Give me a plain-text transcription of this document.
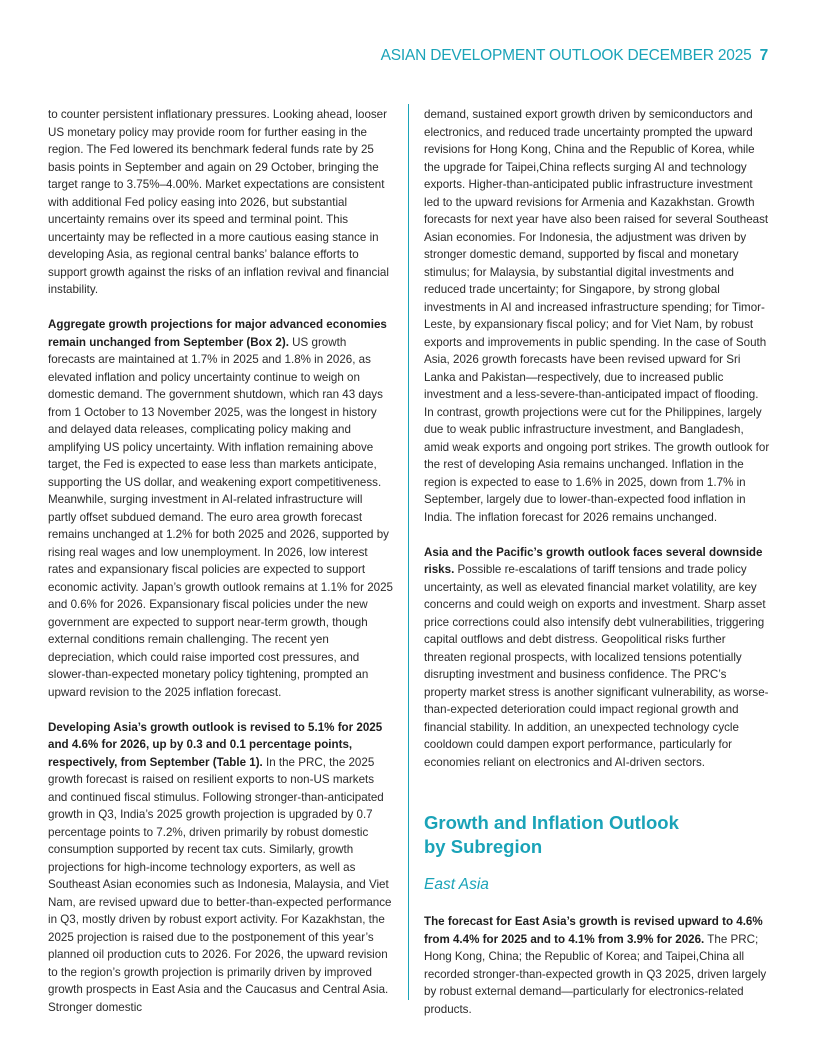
ASIAN DEVELOPMENT OUTLOOK DECEMBER 2025 7

to counter persistent inflationary pressures. Looking ahead, looser US monetary policy may provide room for further easing in the region. The Fed lowered its benchmark federal funds rate by 25 basis points in September and again on 29 October, bringing the target range to 3.75%–4.00%. Market expectations are consistent with additional Fed policy easing into 2026, but substantial uncertainty remains over its speed and terminal point. This uncertainty may be reflected in a more cautious easing stance in developing Asia, as regional central banks’ balance efforts to support growth against the risks of an inflation revival and financial instability.

Aggregate growth projections for major advanced economies remain unchanged from September (Box 2). US growth forecasts are maintained at 1.7% in 2025 and 1.8% in 2026, as elevated inflation and policy uncertainty continue to weigh on domestic demand. The government shutdown, which ran 43 days from 1 October to 13 November 2025, was the longest in history and delayed data releases, complicating policy making and amplifying US policy uncertainty. With inflation remaining above target, the Fed is expected to ease less than markets anticipate, supporting the US dollar, and weakening export competitiveness. Meanwhile, surging investment in AI-related infrastructure will partly offset subdued demand. The euro area growth forecast remains unchanged at 1.2% for both 2025 and 2026, supported by rising real wages and low unemployment. In 2026, low interest rates and expansionary fiscal policies are expected to support economic activity. Japan’s growth outlook remains at 1.1% for 2025 and 0.6% for 2026. Expansionary fiscal policies under the new government are expected to support near-term growth, though external conditions remain challenging. The recent yen depreciation, which could raise imported cost pressures, and slower-than-expected monetary policy tightening, prompted an upward revision to the 2025 inflation forecast.

Developing Asia’s growth outlook is revised to 5.1% for 2025 and 4.6% for 2026, up by 0.3 and 0.1 percentage points, respectively, from September (Table 1). In the PRC, the 2025 growth forecast is raised on resilient exports to non-US markets and continued fiscal stimulus. Following stronger-than-anticipated growth in Q3, India’s 2025 growth projection is upgraded by 0.7 percentage points to 7.2%, driven primarily by robust domestic consumption supported by recent tax cuts. Similarly, growth projections for high-income technology exporters, as well as Southeast Asian economies such as Indonesia, Malaysia, and Viet Nam, are revised upward due to better-than-expected performance in Q3, mostly driven by robust export activity. For Kazakhstan, the 2025 projection is raised due to the postponement of this year’s planned oil production cuts to 2026. For 2026, the upward revision to the region’s growth projection is primarily driven by improved growth prospects in East Asia and the Caucasus and Central Asia. Stronger domestic

demand, sustained export growth driven by semiconductors and electronics, and reduced trade uncertainty prompted the upward revisions for Hong Kong, China and the Republic of Korea, while the upgrade for Taipei,China reflects surging AI and technology exports. Higher-than-anticipated public infrastructure investment led to the upward revisions for Armenia and Kazakhstan. Growth forecasts for next year have also been raised for several Southeast Asian economies. For Indonesia, the adjustment was driven by stronger domestic demand, supported by fiscal and monetary stimulus; for Malaysia, by substantial digital investments and reduced trade uncertainty; for Singapore, by strong global investments in AI and increased infrastructure spending; for Timor-Leste, by expansionary fiscal policy; and for Viet Nam, by robust exports and improvements in public spending. In the case of South Asia, 2026 growth forecasts have been revised upward for Sri Lanka and Pakistan—respectively, due to increased public investment and a less-severe-than-anticipated impact of flooding. In contrast, growth projections were cut for the Philippines, largely due to weak public infrastructure investment, and Bangladesh, amid weak exports and ongoing port strikes. The growth outlook for the rest of developing Asia remains unchanged. Inflation in the region is expected to ease to 1.6% in 2025, down from 1.7% in September, largely due to lower-than-expected food inflation in India. The inflation forecast for 2026 remains unchanged.

Asia and the Pacific’s growth outlook faces several downside risks. Possible re-escalations of tariff tensions and trade policy uncertainty, as well as elevated financial market volatility, are key concerns and could weigh on exports and investment. Sharp asset price corrections could also intensify debt vulnerabilities, triggering capital outflows and debt distress. Geopolitical risks further threaten regional prospects, with localized tensions potentially disrupting investment and business confidence. The PRC’s property market stress is another significant vulnerability, as worse-than-expected deterioration could impact regional growth and financial stability. In addition, an unexpected technology cycle cooldown could dampen export performance, particularly for economies reliant on electronics and AI-driven sectors.

Growth and Inflation Outlook
by Subregion
East Asia

The forecast for East Asia’s growth is revised upward to 4.6% from 4.4% for 2025 and to 4.1% from 3.9% for 2026. The PRC; Hong Kong, China; the Republic of Korea; and Taipei,China all recorded stronger-than-expected growth in Q3 2025, driven largely by robust external demand—particularly for electronics-related products.
